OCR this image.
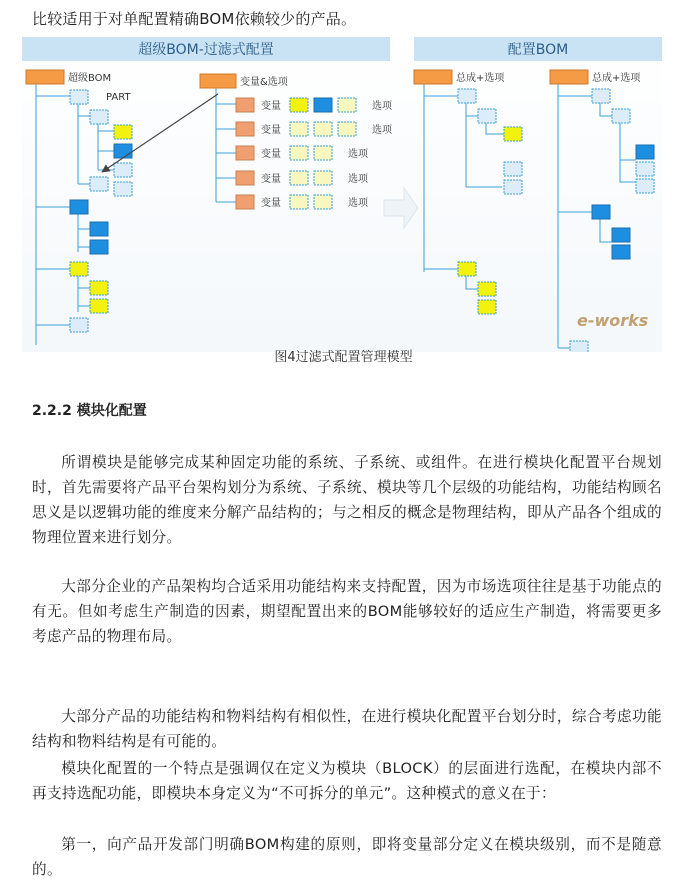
比较适用于对单配置精确BOM依赖较少的产品。
超级BOM-过滤式配置	配置BOM
超级BOM
PART
变量&选项
变量	选项
变量	选项
变量	选项
变量	选项
变量	选项
总成+选项	总成+选项
e-works
图4过滤式配置管理模型
2.2.2 模块化配置
所谓模块是能够完成某种固定功能的系统、子系统、或组件。在进行模块化配置平台规划时，首先需要将产品平台架构划分为系统、子系统、模块等几个层级的功能结构，功能结构顾名思义是以逻辑功能的维度来分解产品结构的；与之相反的概念是物理结构，即从产品各个组成的物理位置来进行划分。
大部分企业的产品架构均合适采用功能结构来支持配置，因为市场选项往往是基于功能点的有无。但如考虑生产制造的因素，期望配置出来的BOM能够较好的适应生产制造，将需要更多考虑产品的物理布局。
大部分产品的功能结构和物料结构有相似性，在进行模块化配置平台划分时，综合考虑功能结构和物料结构是有可能的。
模块化配置的一个特点是强调仅在定义为模块（BLOCK）的层面进行选配，在模块内部不再支持选配功能，即模块本身定义为“不可拆分的单元”。这种模式的意义在于：
第一，向产品开发部门明确BOM构建的原则，即将变量部分定义在模块级别，而不是随意的。
